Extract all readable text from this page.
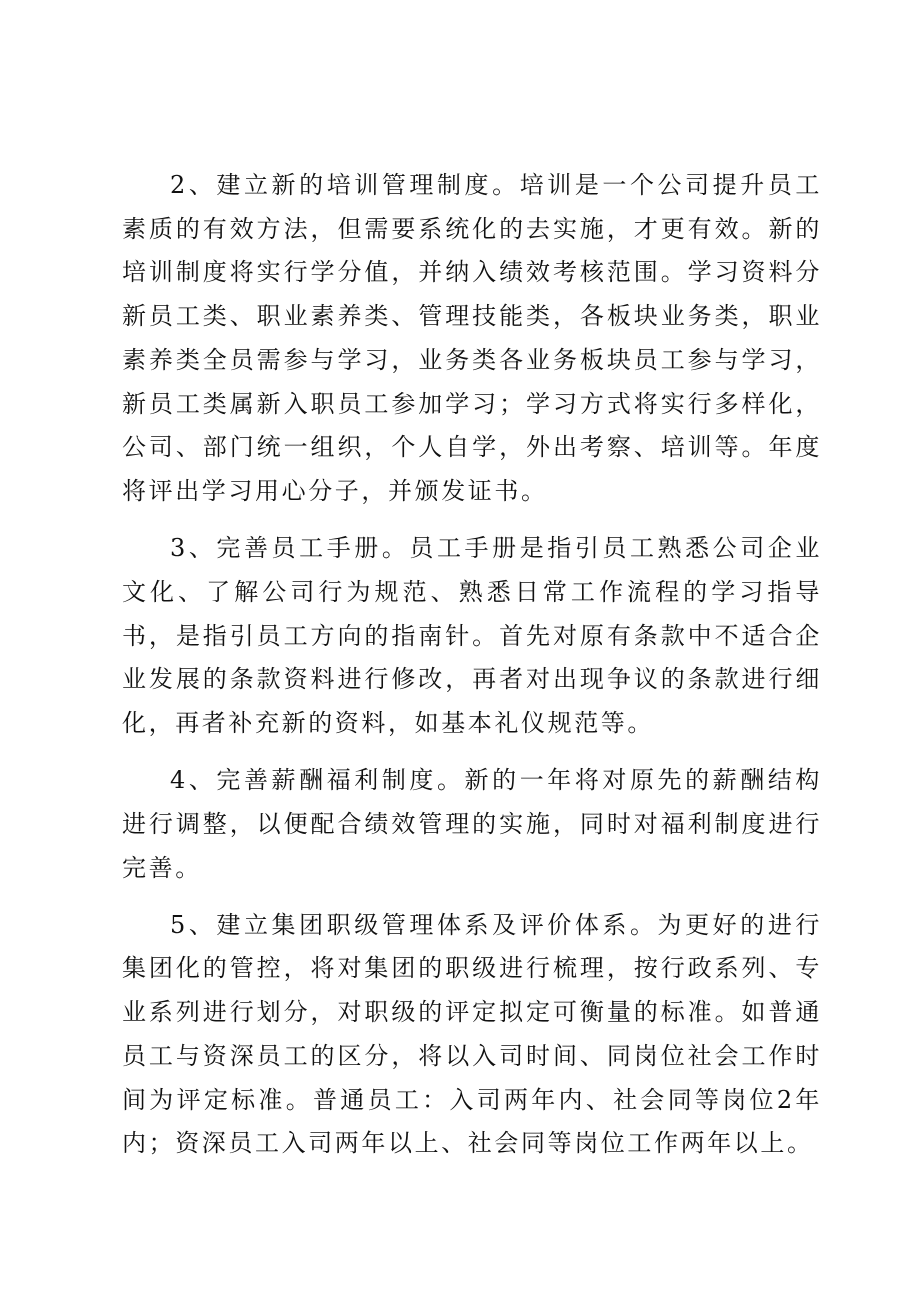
2、建立新的培训管理制度。培训是一个公司提升员工素质的有效方法，但需要系统化的去实施，才更有效。新的培训制度将实行学分值，并纳入绩效考核范围。学习资料分新员工类、职业素养类、管理技能类，各板块业务类，职业素养类全员需参与学习，业务类各业务板块员工参与学习，新员工类属新入职员工参加学习；学习方式将实行多样化，公司、部门统一组织，个人自学，外出考察、培训等。年度将评出学习用心分子，并颁发证书。

3、完善员工手册。员工手册是指引员工熟悉公司企业文化、了解公司行为规范、熟悉日常工作流程的学习指导书，是指引员工方向的指南针。首先对原有条款中不适合企业发展的条款资料进行修改，再者对出现争议的条款进行细化，再者补充新的资料，如基本礼仪规范等。

4、完善薪酬福利制度。新的一年将对原先的薪酬结构进行调整，以便配合绩效管理的实施，同时对福利制度进行完善。

5、建立集团职级管理体系及评价体系。为更好的进行集团化的管控，将对集团的职级进行梳理，按行政系列、专业系列进行划分，对职级的评定拟定可衡量的标准。如普通员工与资深员工的区分，将以入司时间、同岗位社会工作时间为评定标准。普通员工：入司两年内、社会同等岗位2年内；资深员工入司两年以上、社会同等岗位工作两年以上。
